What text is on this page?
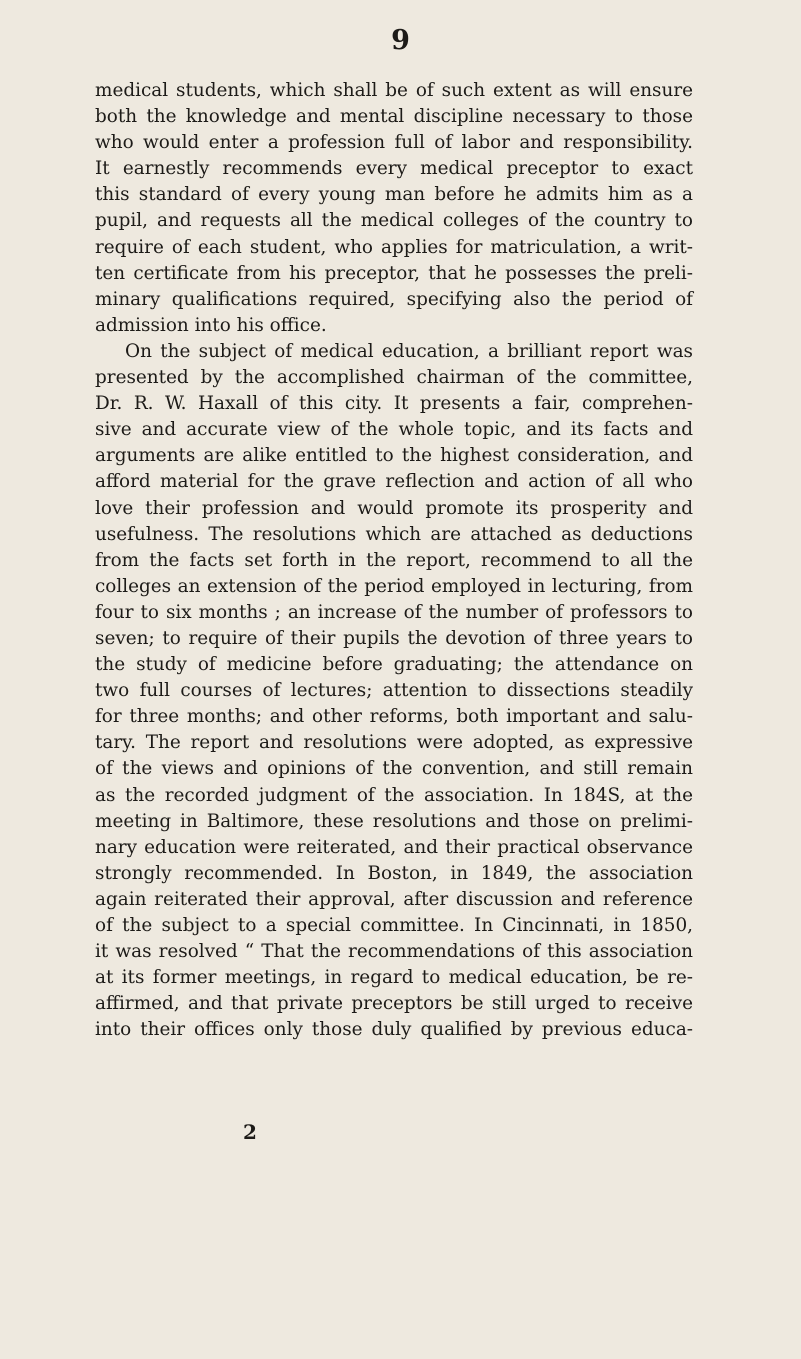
9
medical students, which shall be of such extent as will ensure
both the knowledge and mental discipline necessary to those
who would enter a profession full of labor and responsibility.
It earnestly recommends every medical preceptor to exact
this standard of every young man before he admits him as a
pupil, and requests all the medical colleges of the country to
require of each student, who applies for matriculation, a writ-
ten certificate from his preceptor, that he possesses the preli-
minary qualifications required, specifying also the period of
admission into his office.
On the subject of medical education, a brilliant report was
presented by the accomplished chairman of the committee,
Dr. R. W. Haxall of this city. It presents a fair, comprehen-
sive and accurate view of the whole topic, and its facts and
arguments are alike entitled to the highest consideration, and
afford material for the grave reflection and action of all who
love their profession and would promote its prosperity and
usefulness. The resolutions which are attached as deductions
from the facts set forth in the report, recommend to all the
colleges an extension of the period employed in lecturing, from
four to six months ; an increase of the number of professors to
seven; to require of their pupils the devotion of three years to
the study of medicine before graduating; the attendance on
two full courses of lectures; attention to dissections steadily
for three months; and other reforms, both important and salu-
tary. The report and resolutions were adopted, as expressive
of the views and opinions of the convention, and still remain
as the recorded judgment of the association. In 184S, at the
meeting in Baltimore, these resolutions and those on prelimi-
nary education were reiterated, and their practical observance
strongly recommended. In Boston, in 1849, the association
again reiterated their approval, after discussion and reference
of the subject to a special committee. In Cincinnati, in 1850,
it was resolved “ That the recommendations of this association
at its former meetings, in regard to medical education, be re-
affirmed, and that private preceptors be still urged to receive
into their offices only those duly qualified by previous educa-
2
